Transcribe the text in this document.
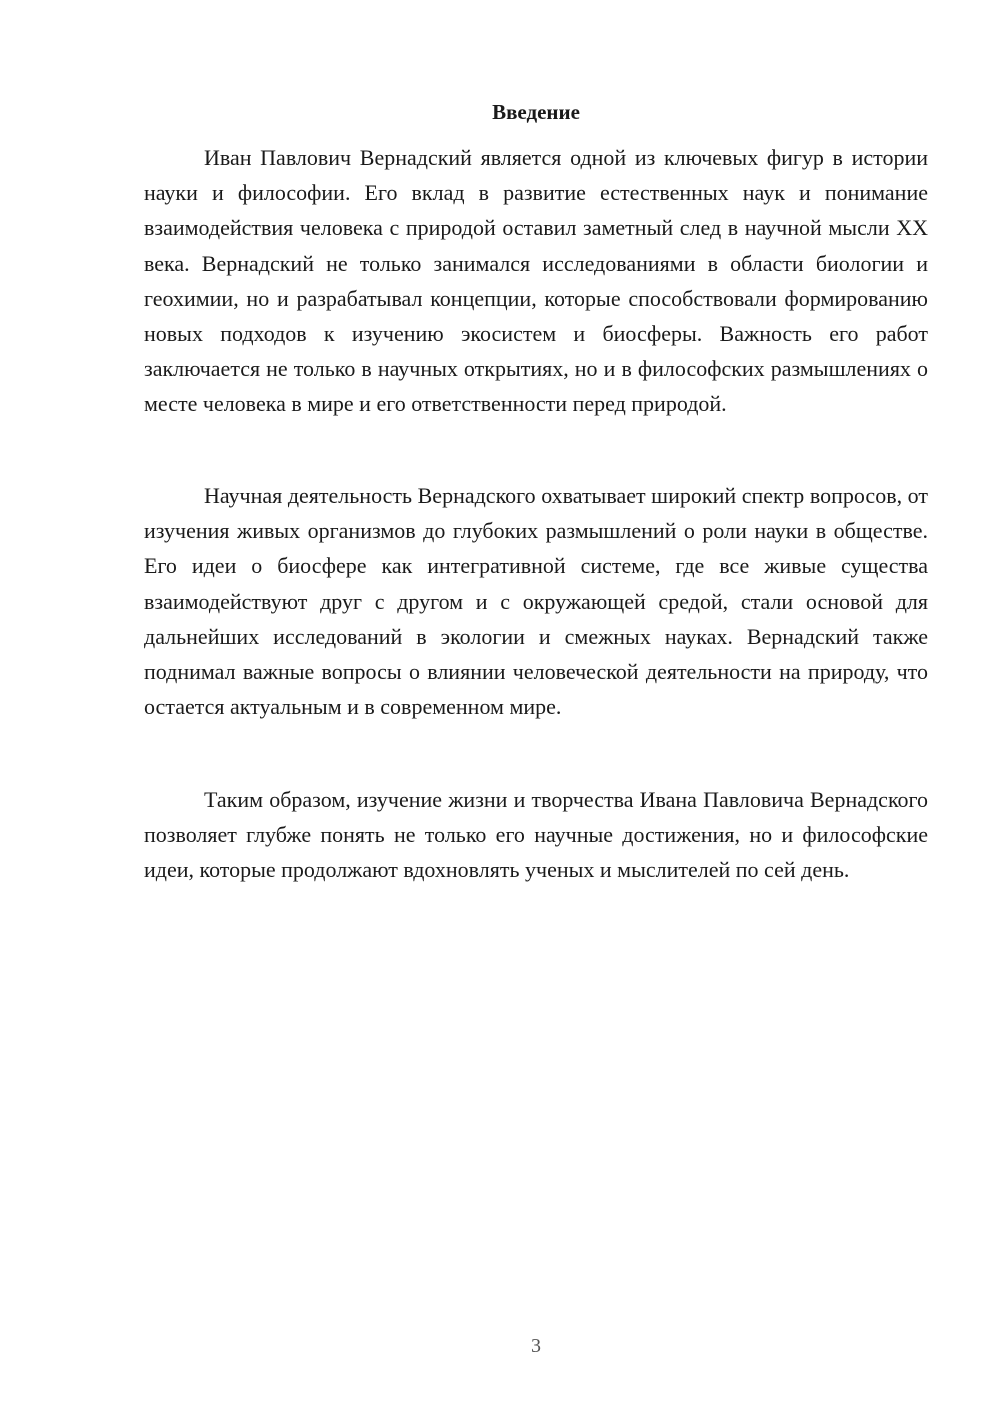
Введение

Иван Павлович Вернадский является одной из ключевых фигур в истории науки и философии. Его вклад в развитие естественных наук и понимание взаимодействия человека с природой оставил заметный след в научной мысли XX века. Вернадский не только занимался исследованиями в области биологии и геохимии, но и разрабатывал концепции, которые способствовали формированию новых подходов к изучению экосистем и биосферы. Важность его работ заключается не только в научных открытиях, но и в философских размышлениях о месте человека в мире и его ответственности перед природой.

Научная деятельность Вернадского охватывает широкий спектр вопросов, от изучения живых организмов до глубоких размышлений о роли науки в обществе. Его идеи о биосфере как интегративной системе, где все живые существа взаимодействуют друг с другом и с окружающей средой, стали основой для дальнейших исследований в экологии и смежных науках. Вернадский также поднимал важные вопросы о влиянии человеческой деятельности на природу, что остается актуальным и в современном мире.

Таким образом, изучение жизни и творчества Ивана Павловича Вернадского позволяет глубже понять не только его научные достижения, но и философские идеи, которые продолжают вдохновлять ученых и мыслителей по сей день.

3
